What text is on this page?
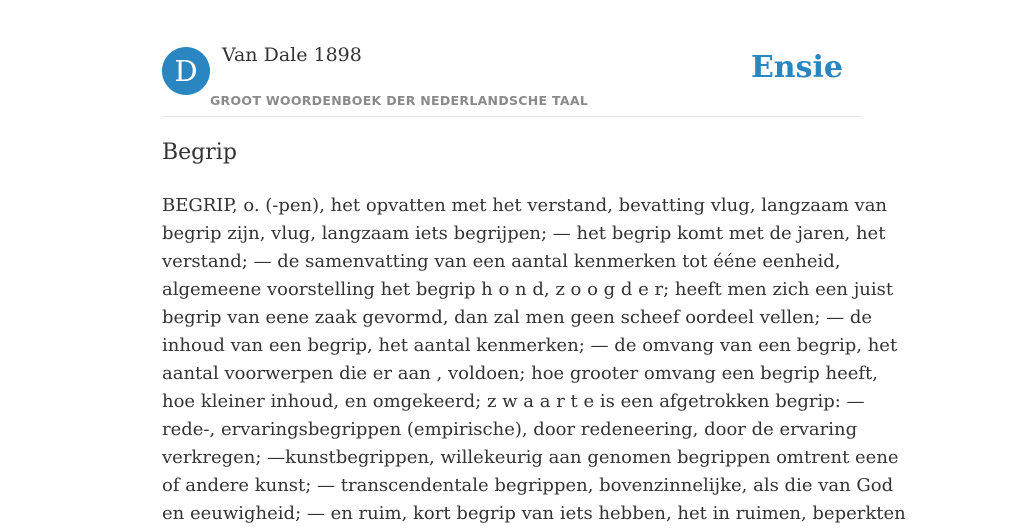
D	Van Dale 1898
GROOT WOORDENBOEK DER NEDERLANDSCHE TAAL
Ensie
Begrip

BEGRIP, o. (-pen), het opvatten met het verstand, bevatting vlug, langzaam van
begrip zijn, vlug, langzaam iets begrijpen; — het begrip komt met de jaren, het
verstand; — de samenvatting van een aantal kenmerken tot ééne eenheid,
algemeene voorstelling het begrip h o n d, z o o g d e r; heeft men zich een juist
begrip van eene zaak gevormd, dan zal men geen scheef oordeel vellen; — de
inhoud van een begrip, het aantal kenmerken; — de omvang van een begrip, het
aantal voorwerpen die er aan , voldoen; hoe grooter omvang een begrip heeft,
hoe kleiner inhoud, en omgekeerd; z w a a r t e is een afgetrokken begrip: —
rede-, ervaringsbegrippen (empirische), door redeneering, door de ervaring
verkregen; —kunstbegrippen, willekeurig aan genomen begrippen omtrent eene
of andere kunst; — transcendentale begrippen, bovenzinnelijke, als die van God
en eeuwigheid; — en ruim, kort begrip van iets hebben, het in ruimen, beperkten
